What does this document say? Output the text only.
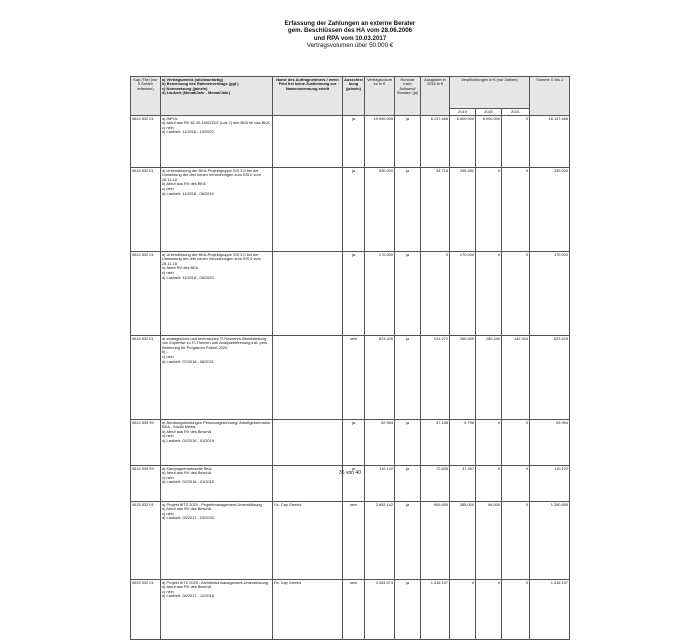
Erfassung der Zahlungen an externe Berater
gem. Beschlüssen des HA vom 28.06.2006
und RPA vom 10.03.2017
Vertragsvolumen über 50.000 €
Kap./Titel (nur 9 Zahlen erfassen)	a) Vertragszweck (stichwortartig)
b) Benennung des Rahmenvertrags (ggf.)
c) Normsetzung (ja/nein)
d) Laufzeit (Monat/Jahr - Monat/Jahr)	Name des Auftragnehmers / wenn Feld frei keine Zustimmung zur Namensnennung erteilt	Ausschreibung (ja/nein)	Vertragsvolumen in €	Honorar nach Aufwand/ Stunden (ja)	Ausgaben in 2018 in €	Verpflichtungen in € (nur Zahlen)			Summe G bis J
							2019	2020	2021	
0624 532 01	a) INPOL
b) Abruf aus RV 82.20-1902/15/2 (Los 2) des BVA für das BKA
c) nein
d) Laufzeit: 11/2016 - 10/2020		ja	19.000.000	ja	6.137.486	6.000.000	6.000.000	0	18.137.486
0624 532 01	a) Unterstützung der BKA-Projektgruppe SIS 3.0 bei der Umsetzung der drei neuen Verordnungen zum SIS II vom 28.11.18
b) Abruf aus RV des BKA
c) nein
d) Laufzeit: 11/2018 - 06/2019		ja	330.000	ja	34.718	295.282	0	0	330.000
0624 532 01	a) Unterstützung der BKA-Projektgruppe SIS 3.0 bei der Umsetzung der drei neuen Verordnungen zum SIS II vom 28.11.18
b) Abruf RV des BKA
c) nein
d) Laufzeit: 11/2018 - 06/2020		ja	170.000	ja	0	170.000	0	0	170.000
0624 532 01	a) strategisches und technisches IT-Research-Bereitstellung von Expertise zu IT-Themen und Analysebetreuung inkl. pers. Betreuung für Programm Polizei 2020;
b) -
c) nein
d) Laufzeit: 07/2018 - 06/2021		nein	823.425	ja	131.272	269.409	280.440	142.304	823.425
0624 539 99	a) Beratungsleistungen Personalgewinnung/ Arbeitgebermarke BKA - Social Media
b) Abruf aus RV des BeschA
c) nein
d) Laufzeit: 02/2016 - 01/2019		ja	52.954	ja	47.158	5.796	0	0	52.954
0624 539 99	a) Kampagnenwebseite BKA
b) Abruf aus RV des BeschA
c) nein
d) Laufzeit: 02/2016 - 01/2019		ja	110.122	ja	72.835	37.287	0	0	110.122
0625 532 01	a) Projekt IKTZ 2020 - Projektmanagement-Unterstützung
b) Abruf aus RV des BeschA
c) nein
d) Laufzeit: 03/2017 - 03/2020	Fa. Cap Gemini	nein	2.692.142	ja	909.695	385.000	96.000	0	1.390.695
0625 532 01	a) Projekt IKTZ 2020 - Architekturmanagement-Unterstützung
b) Abruf aus RV des BeschA
c) nein
d) Laufzeit: 04/2017 - 12/2018	Fa. Cap Gemini	nein	3.354.574	ja	1.416.197	0	0	0	1.416.197
36 von 40
